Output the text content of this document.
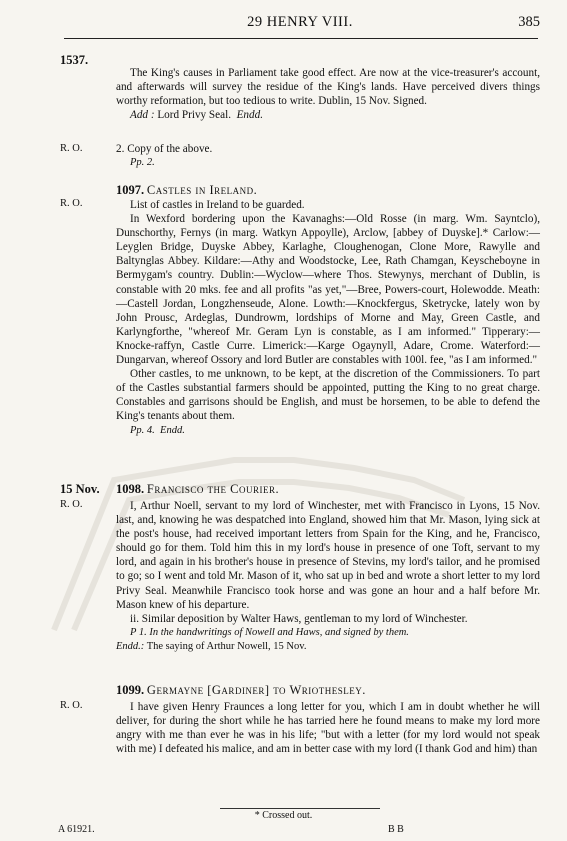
29 HENRY VIII.	385
1537.

The King's causes in Parliament take good effect. Are now at the vice-treasurer's account, and afterwards will survey the residue of the King's lands. Have perceived divers things worthy reformation, but too tedious to write. Dublin, 15 Nov. Signed.

Add : Lord Privy Seal. Endd.

R. O.	2. Copy of the above.

Pp. 2.

1097. Castles in Ireland.
R. O.	List of castles in Ireland to be guarded.

In Wexford bordering upon the Kavanaghs:—Old Rosse (in marg. Wm. Sayntclo), Dunschorthy, Fernys (in marg. Watkyn Appoylle), Arclow, [abbey of Duyske].* Carlow:—Leyglen Bridge, Duyske Abbey, Karlaghe, Cloughenogan, Clone More, Rawylle and Baltynglas Abbey. Kildare:—Athy and Woodstocke, Lee, Rath Chamgan, Keyscheboyne in Bermygam's country. Dublin:—Wyclow—where Thos. Stewynys, merchant of Dublin, is constable with 20 mks. fee and all profits "as yet,"—Bree, Powers-court, Holewodde. Meath:—Castell Jordan, Longzhenseude, Alone. Lowth:—Knockfergus, Sketrycke, lately won by John Prousc, Ardeglas, Dundrowm, lordships of Morne and May, Green Castle, and Karlyngforthe, "whereof Mr. Geram Lyn is constable, as I am informed." Tipperary:—Knocke-raffyn, Castle Curre. Limerick:—Karge Ogaynyll, Adare, Crome. Waterford:—Dungarvan, whereof Ossory and lord Butler are constables with 100l. fee, "as I am informed."

Other castles, to me unknown, to be kept, at the discretion of the Commissioners. To part of the Castles substantial farmers should be appointed, putting the King to no great charge. Constables and garrisons should be English, and must be horsemen, to be able to defend the King's tenants about them.

Pp. 4. Endd.

15 Nov. 1098. Francisco the Courier.
R. O.	I, Arthur Noell, servant to my lord of Winchester, met with Francisco in Lyons, 15 Nov. last, and, knowing he was despatched into England, showed him that Mr. Mason, lying sick at the post's house, had received important letters from Spain for the King, and he, Francisco, should go for them. Told him this in my lord's house in presence of one Toft, servant to my lord, and again in his brother's house in presence of Stevins, my lord's tailor, and he promised to go; so I went and told Mr. Mason of it, who sat up in bed and wrote a short letter to my lord Privy Seal. Meanwhile Francisco took horse and was gone an hour and a half before Mr. Mason knew of his departure.

ii. Similar deposition by Walter Haws, gentleman to my lord of Winchester.

P 1. In the handwritings of Nowell and Haws, and signed by them.

Endd.: The saying of Arthur Nowell, 15 Nov.

1099. Germayne [Gardiner] to Wriothesley.
R. O.	I have given Henry Fraunces a long letter for you, which I am in doubt whether he will deliver, for during the short while he has tarried here he found means to make my lord more angry with me than ever he was in his life; "but with a letter (for my lord would not speak with me) I defeated his malice, and am in better case with my lord (I thank God and him) than

* Crossed out.
A 61921.	B B
